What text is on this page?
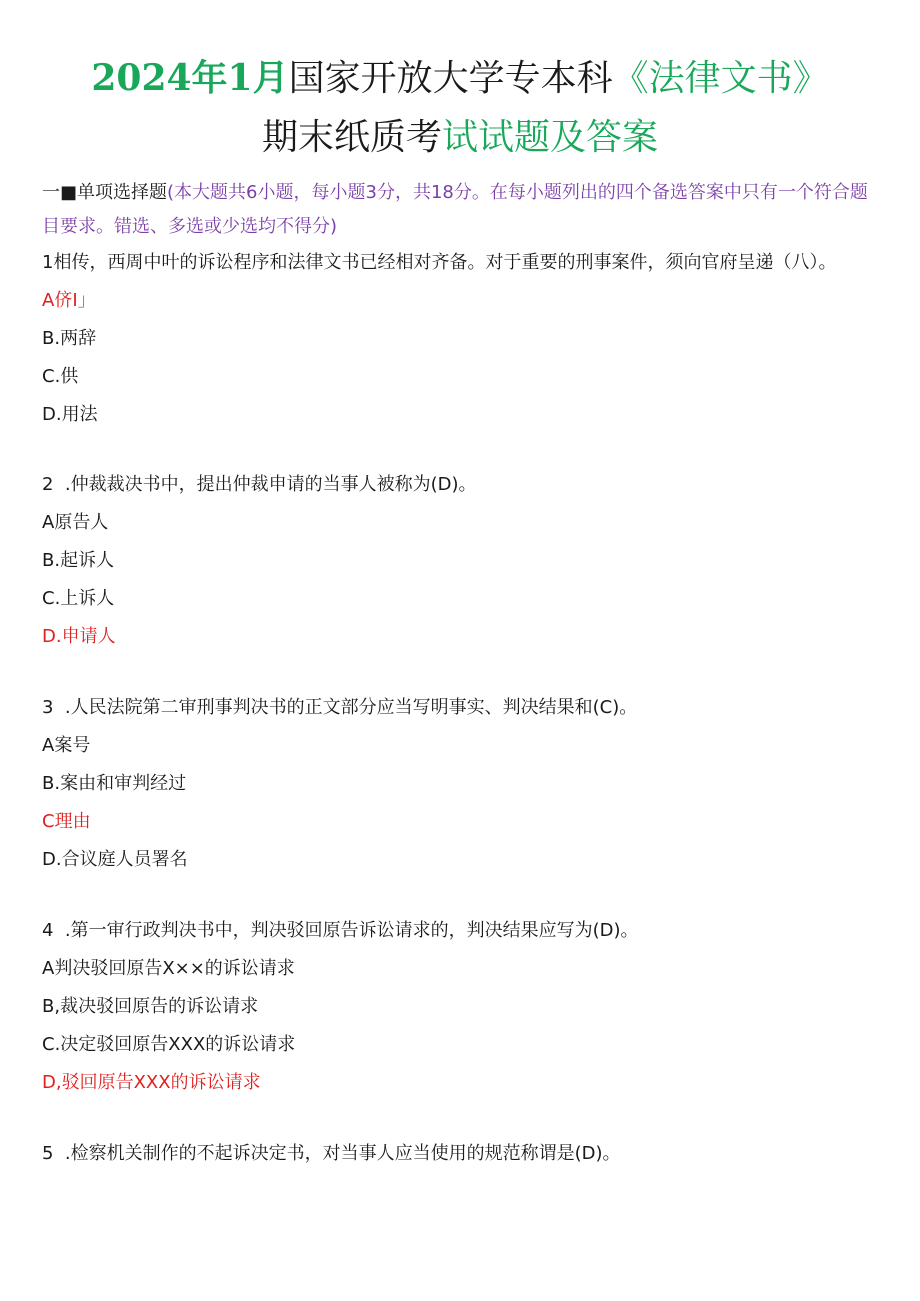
2024年1月国家开放大学专本科《法律文书》
期末纸质考试试题及答案
一■单项选择题(本大题共6小题，每小题3分，共18分。在每小题列出的四个备选答案中只有一个符合题目要求。错选、多选或少选均不得分)
1相传，西周中叶的诉讼程序和法律文书已经相对齐备。对于重要的刑事案件，须向官府呈递（八）。
A侪I」
B.两辞
C.供
D.用法
2  .仲裁裁决书中，提出仲裁申请的当事人被称为(D)。
A原告人
B.起诉人
C.上诉人
D.申请人
3  .人民法院第二审刑事判决书的正文部分应当写明事实、判决结果和(C)。
A案号
B.案由和审判经过
C理由
D.合议庭人员署名
4  .第一审行政判决书中，判决驳回原告诉讼请求的，判决结果应写为(D)。
A判决驳回原告X××的诉讼请求
B,裁决驳回原告的诉讼请求
C.决定驳回原告XXX的诉讼请求
D,驳回原告XXX的诉讼请求
5  .检察机关制作的不起诉决定书，对当事人应当使用的规范称谓是(D)。
